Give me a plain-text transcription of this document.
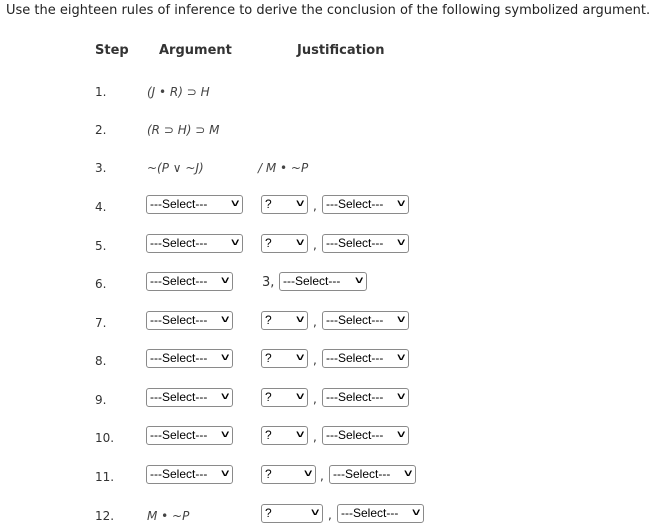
Use the eighteen rules of inference to derive the conclusion of the following symbolized argument.
Step Argument	Justification
1.	(J • R) ⊃ H
2.	(R ⊃ H) ⊃ M
3.	~(P ∨ ~J)	/ M • ~P
4.	---Select--- ˅	? ˅ , ---Select--- ˅
5.	---Select--- ˅	? ˅ , ---Select--- ˅
6.	---Select--- ˅	3, ---Select--- ˅
7.	---Select--- ˅	? ˅ , ---Select--- ˅
8.	---Select--- ˅	? ˅ , ---Select--- ˅
9.	---Select--- ˅	? ˅ , ---Select--- ˅
10.	---Select--- ˅	? ˅ , ---Select--- ˅
11.	---Select--- ˅	?	˅ , ---Select--- ˅
12.	M • ~P	?	˅ , ---Select--- ˅
